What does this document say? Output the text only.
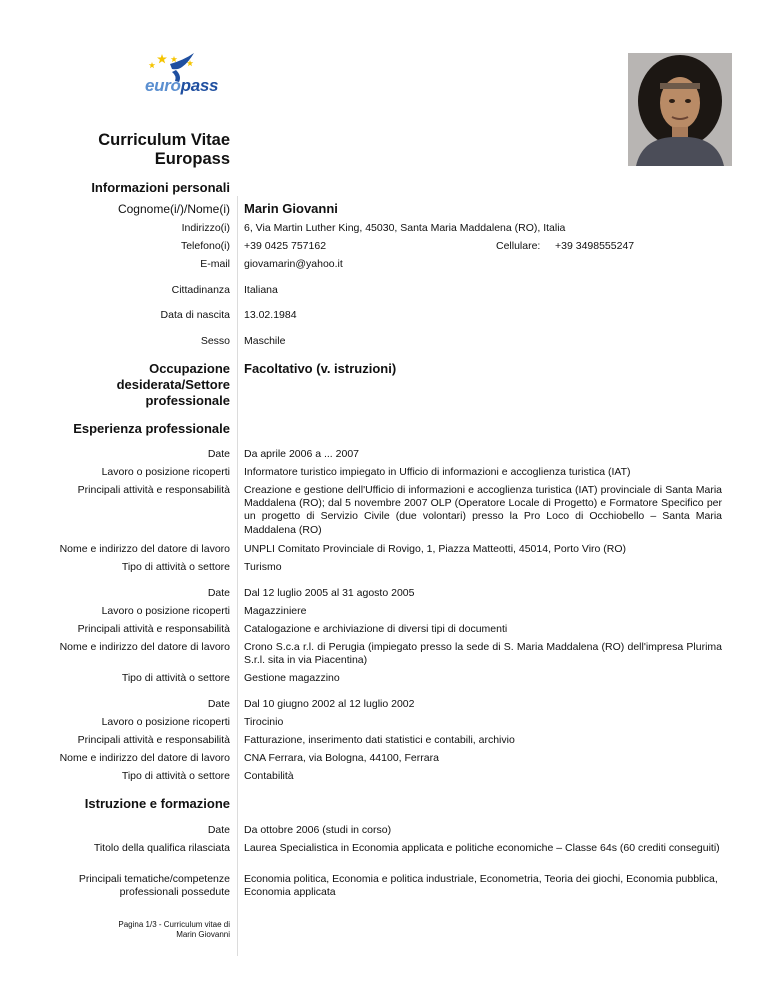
europass
Curriculum Vitae
Europass
Informazioni personali
Cognome(i/)/Nome(i) Marin Giovanni
Indirizzo(i) 6, Via Martin Luther King, 45030, Santa Maria Maddalena (RO), Italia
Telefono(i) +39 0425 757162	Cellulare: +39 3498555247
E-mail giovamarin@yahoo.it
Cittadinanza Italiana
Data di nascita 13.02.1984
Sesso Maschile
Occupazione
desiderata/Settore
professionale
Facoltativo (v. istruzioni)
Esperienza professionale
Date Da aprile 2006 a ... 2007
Lavoro o posizione ricoperti Informatore turistico impiegato in Ufficio di informazioni e accoglienza turistica (IAT)
Principali attività e responsabilità Creazione e gestione dell'Ufficio di informazioni e accoglienza turistica (IAT) provinciale di Santa Maria Maddalena (RO); dal 5 novembre 2007 OLP (Operatore Locale di Progetto) e Formatore Specifico per un progetto di Servizio Civile (due volontari) presso la Pro Loco di Occhiobello – Santa Maria Maddalena (RO)
Nome e indirizzo del datore di lavoro UNPLI Comitato Provinciale di Rovigo, 1, Piazza Matteotti, 45014, Porto Viro (RO)
Tipo di attività o settore Turismo
Date Dal 12 luglio 2005 al 31 agosto 2005
Lavoro o posizione ricoperti Magazziniere
Principali attività e responsabilità Catalogazione e archiviazione di diversi tipi di documenti
Nome e indirizzo del datore di lavoro Crono S.c.a r.l. di Perugia (impiegato presso la sede di S. Maria Maddalena (RO) dell'impresa Plurima S.r.l. sita in via Piacentina)
Tipo di attività o settore Gestione magazzino
Date Dal 10 giugno 2002 al 12 luglio 2002
Lavoro o posizione ricoperti Tirocinio
Principali attività e responsabilità Fatturazione, inserimento dati statistici e contabili, archivio
Nome e indirizzo del datore di lavoro CNA Ferrara, via Bologna, 44100, Ferrara
Tipo di attività o settore Contabilità
Istruzione e formazione
Date Da ottobre 2006 (studi in corso)
Titolo della qualifica rilasciata Laurea Specialistica in Economia applicata e politiche economiche – Classe 64s (60 crediti conseguiti)
Principali tematiche/competenze
professionali possedute
Economia politica, Economia e politica industriale, Econometria, Teoria dei giochi, Economia pubblica, Economia applicata
Pagina 1/3 - Curriculum vitae di
Marin Giovanni
